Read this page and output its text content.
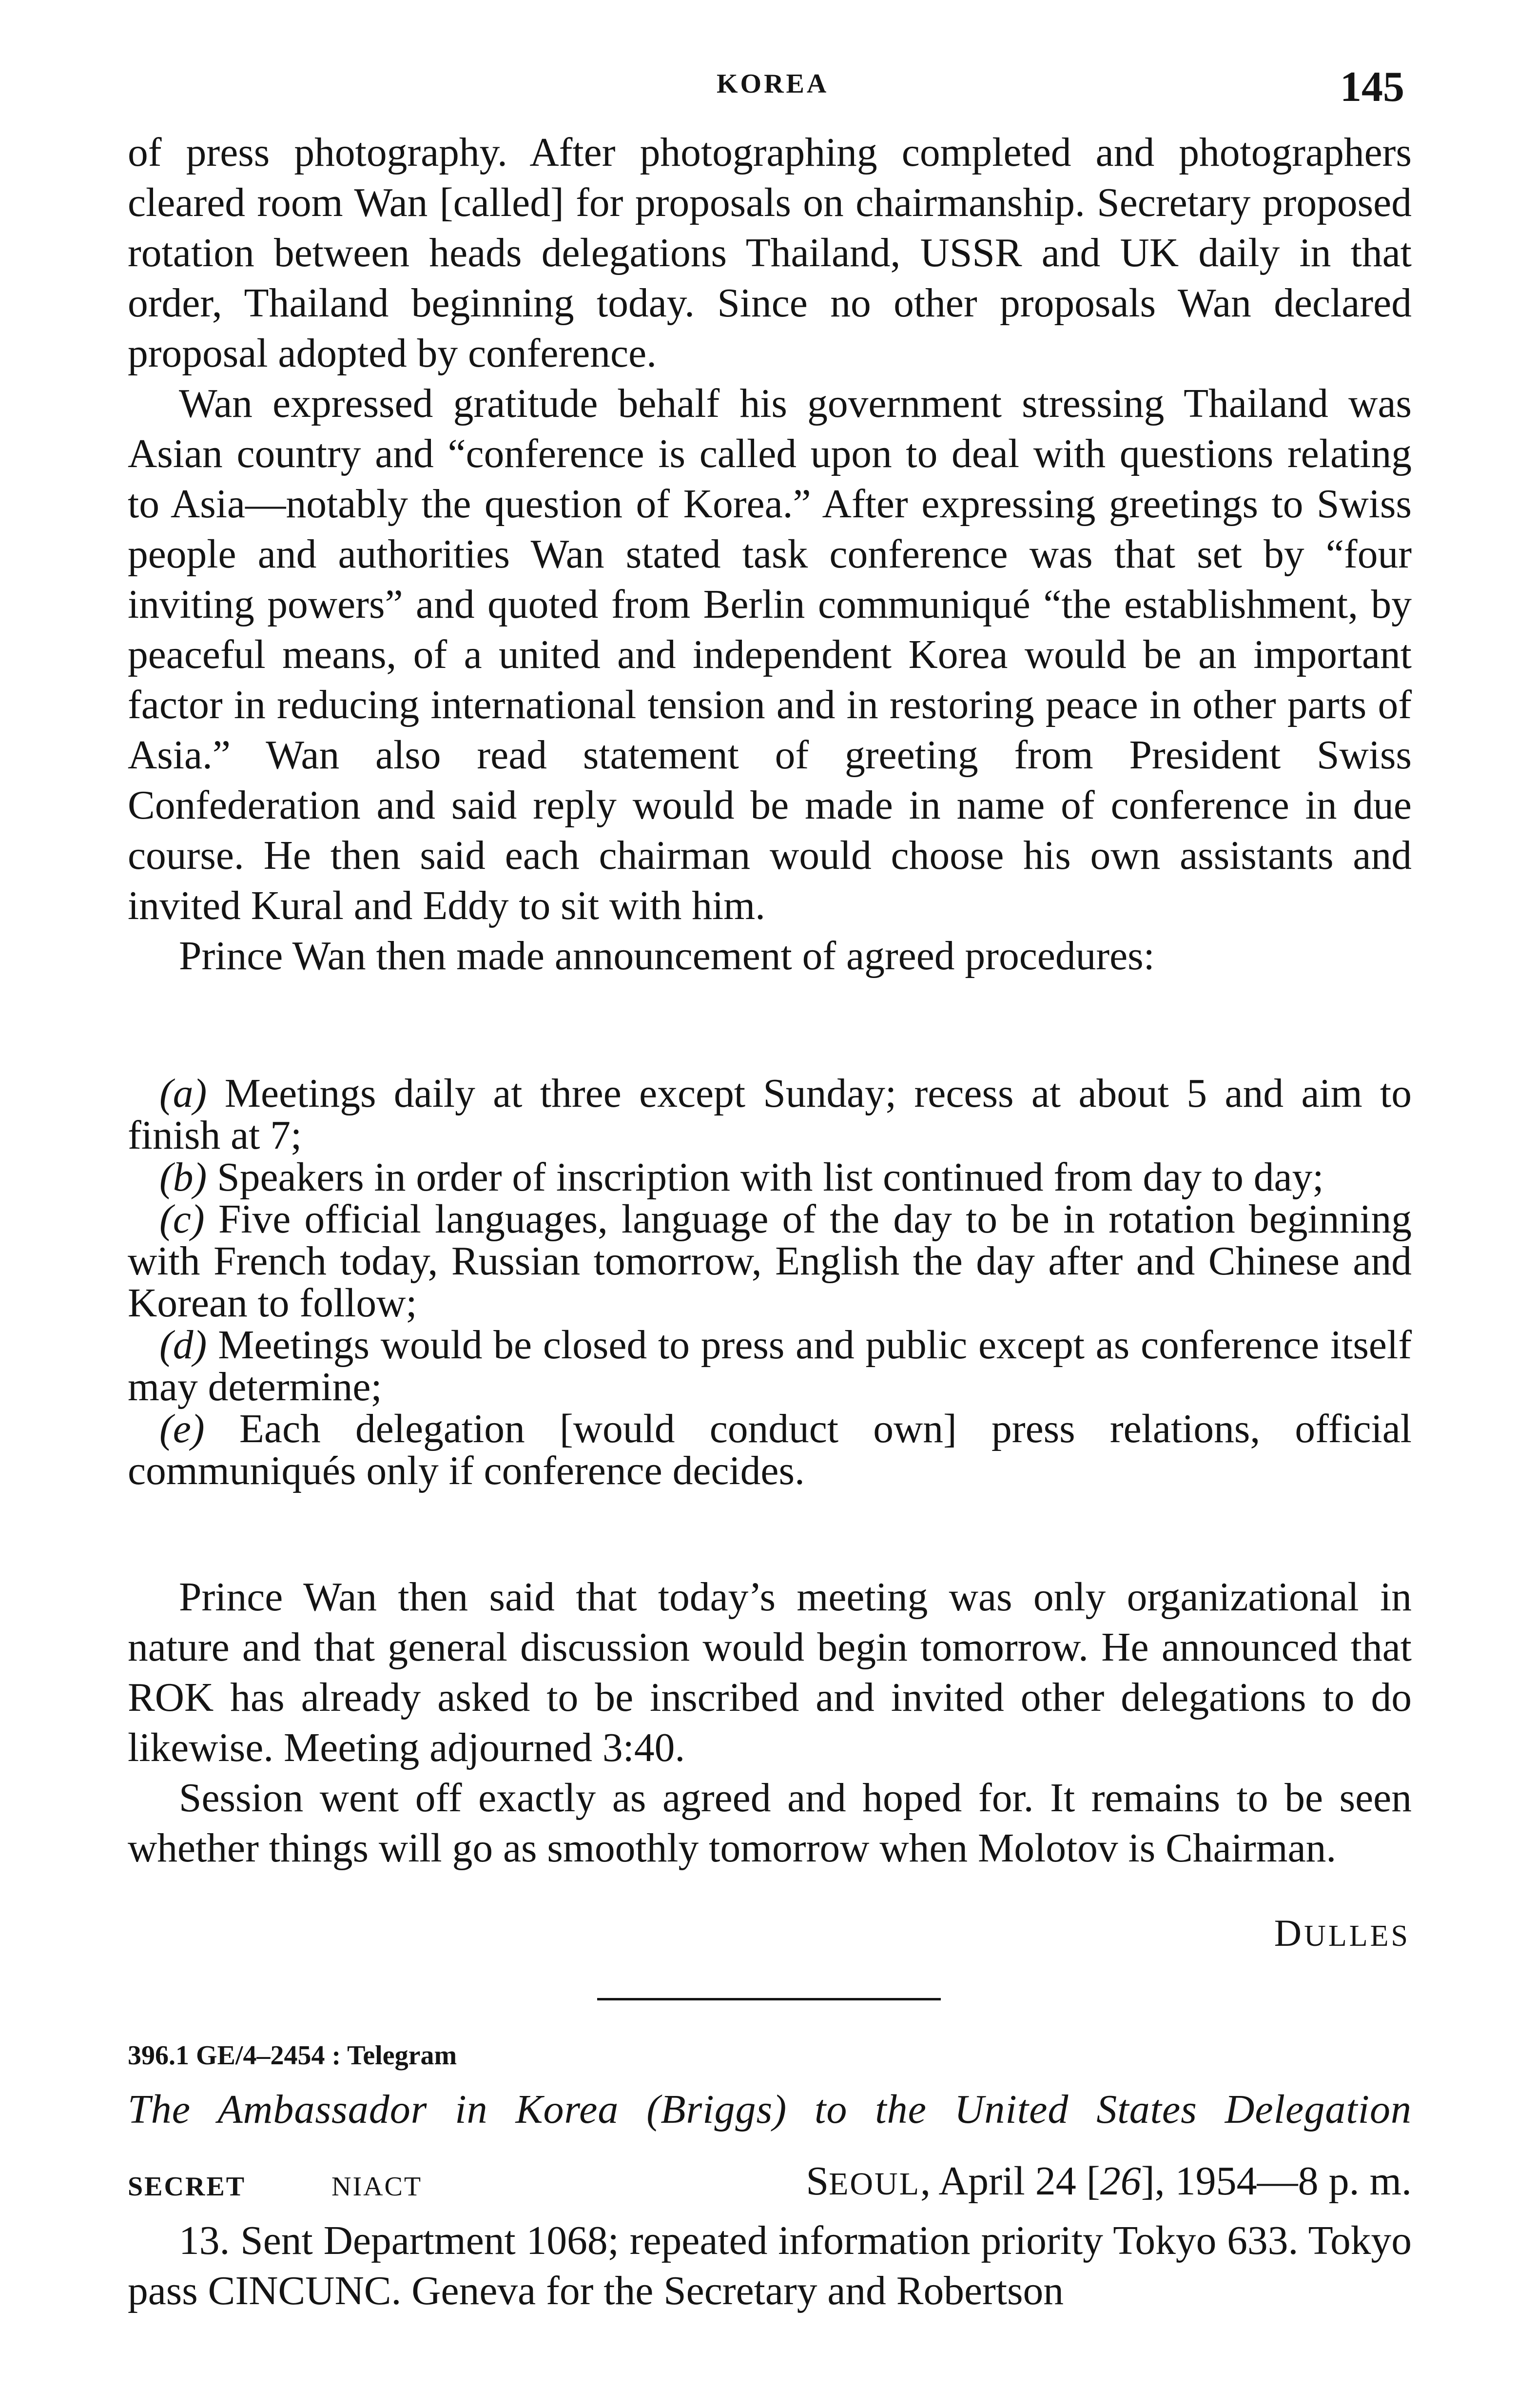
KOREA	145

of press photography. After photographing completed and photographers cleared room Wan [called] for proposals on chairmanship. Secretary proposed rotation between heads delegations Thailand, USSR and UK daily in that order, Thailand beginning today. Since no other proposals Wan declared proposal adopted by conference.

Wan expressed gratitude behalf his government stressing Thailand was Asian country and “conference is called upon to deal with questions relating to Asia—notably the question of Korea.” After expressing greetings to Swiss people and authorities Wan stated task conference was that set by “four inviting powers” and quoted from Berlin communiqué “the establishment, by peaceful means, of a united and independent Korea would be an important factor in reducing international tension and in restoring peace in other parts of Asia.” Wan also read statement of greeting from President Swiss Confederation and said reply would be made in name of conference in due course. He then said each chairman would choose his own assistants and invited Kural and Eddy to sit with him.

Prince Wan then made announcement of agreed procedures:

(a) Meetings daily at three except Sunday; recess at about 5 and aim to finish at 7;

(b) Speakers in order of inscription with list continued from day to day;

(c) Five official languages, language of the day to be in rotation beginning with French today, Russian tomorrow, English the day after and Chinese and Korean to follow;

(d) Meetings would be closed to press and public except as conference itself may determine;

(e) Each delegation [would conduct own] press relations, official communiqués only if conference decides.

Prince Wan then said that today’s meeting was only organizational in nature and that general discussion would begin tomorrow. He announced that ROK has already asked to be inscribed and invited other delegations to do likewise. Meeting adjourned 3:40.

Session went off exactly as agreed and hoped for. It remains to be seen whether things will go as smoothly tomorrow when Molotov is Chairman.

DULLES
396.1 GE/4–2454 : Telegram
The Ambassador in Korea (Briggs) to the United States Delegation
SECRET	NIACT	SEOUL, April 24 [26], 1954—8 p. m.

13. Sent Department 1068; repeated information priority Tokyo 633. Tokyo pass CINCUNC. Geneva for the Secretary and Robertson
